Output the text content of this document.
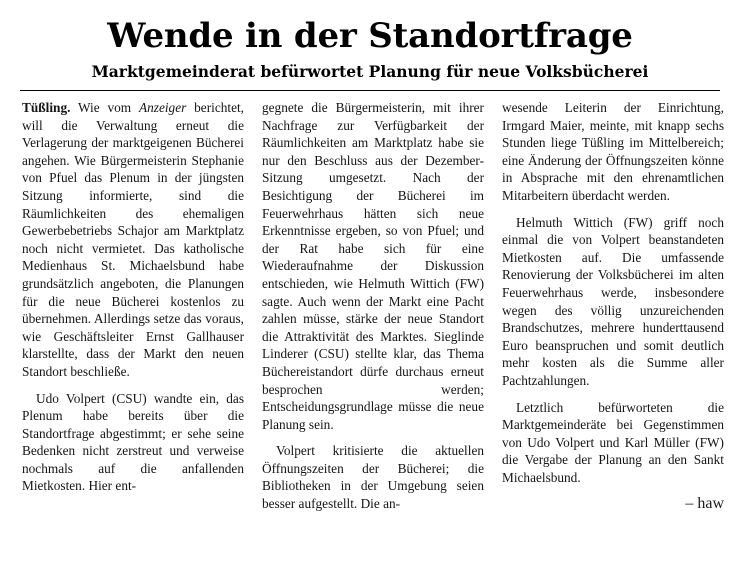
Wende in der Standortfrage
Marktgemeinderat befürwortet Planung für neue Volksbücherei

Tüßling. Wie vom Anzeiger berichtet, will die Verwaltung erneut die Verlagerung der marktgeigenen Bücherei angehen. Wie Bürgermeisterin Stephanie von Pfuel das Plenum in der jüngsten Sitzung informierte, sind die Räumlichkeiten des ehemaligen Gewerbebetriebs Schajor am Marktplatz noch nicht vermietet. Das katholische Medienhaus St. Michaelsbund habe grundsätzlich angeboten, die Planungen für die neue Bücherei kostenlos zu übernehmen. Allerdings setze das voraus, wie Geschäftsleiter Ernst Gallhauser klarstellte, dass der Markt den neuen Standort beschließe.

Udo Volpert (CSU) wandte ein, das Plenum habe bereits über die Standortfrage abgestimmt; er sehe seine Bedenken nicht zerstreut und verweise nochmals auf die anfallenden Mietkosten. Hier ent-

gegnete die Bürgermeisterin, mit ihrer Nachfrage zur Verfügbarkeit der Räumlichkeiten am Marktplatz habe sie nur den Beschluss aus der Dezember-Sitzung umgesetzt. Nach der Besichtigung der Bücherei im Feuerwehrhaus hätten sich neue Erkenntnisse ergeben, so von Pfuel; und der Rat habe sich für eine Wiederaufnahme der Diskussion entschieden, wie Helmuth Wittich (FW) sagte. Auch wenn der Markt eine Pacht zahlen müsse, stärke der neue Standort die Attraktivität des Marktes. Sieglinde Linderer (CSU) stellte klar, das Thema Büchereistandort dürfe durchaus erneut besprochen werden; Entscheidungsgrundlage müsse die neue Planung sein.

Volpert kritisierte die aktuellen Öffnungszeiten der Bücherei; die Bibliotheken in der Umgebung seien besser aufgestellt. Die an-

wesende Leiterin der Einrichtung, Irmgard Maier, meinte, mit knapp sechs Stunden liege Tüßling im Mittelbereich; eine Änderung der Öffnungszeiten könne in Absprache mit den ehrenamtlichen Mitarbeitern überdacht werden.

Helmuth Wittich (FW) griff noch einmal die von Volpert beanstandeten Mietkosten auf. Die umfassende Renovierung der Volksbücherei im alten Feuerwehrhaus werde, insbesondere wegen des völlig unzureichenden Brandschutzes, mehrere hunderttausend Euro beanspruchen und somit deutlich mehr kosten als die Summe aller Pachtzahlungen.

Letztlich befürworteten die Marktgemeinderäte bei Gegenstimmen von Udo Volpert und Karl Müller (FW) die Vergabe der Planung an den Sankt Michaelsbund.

– haw
